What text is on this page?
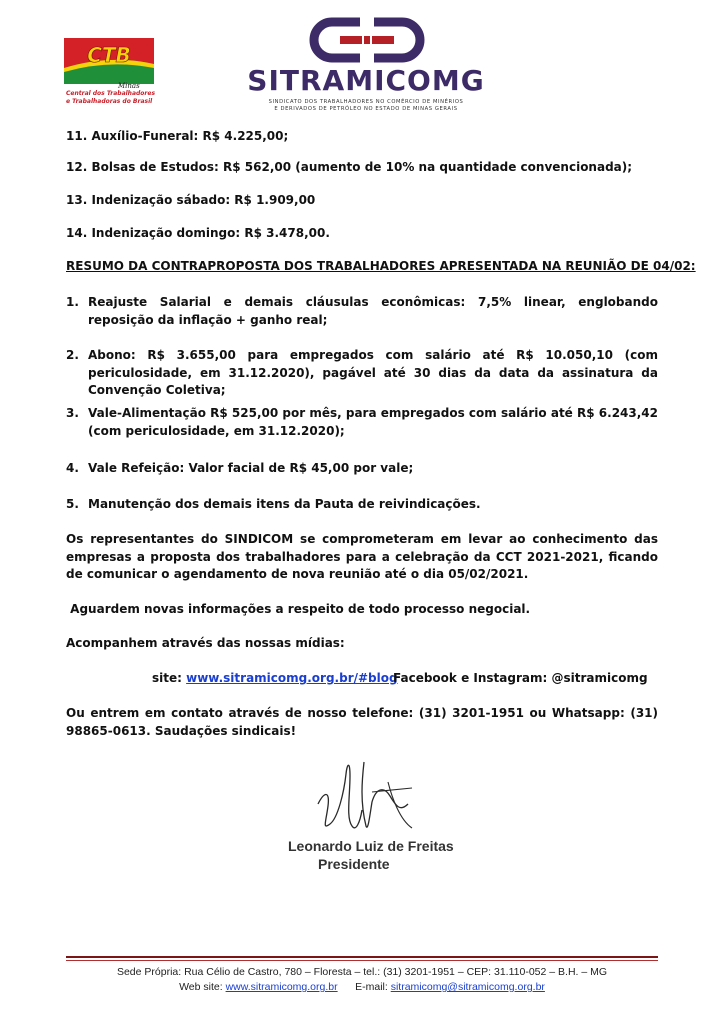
CTB
Minas
Central dos Trabalhadores
e Trabalhadoras do Brasil
SITRAMICOMG
SINDICATO DOS TRABALHADORES NO COMÉRCIO DE MINÉRIOS
E DERIVADOS DE PETRÓLEO NO ESTADO DE MINAS GERAIS
11. Auxílio-Funeral: R$ 4.225,00;
12. Bolsas de Estudos: R$ 562,00 (aumento de 10% na quantidade convencionada);
13. Indenização sábado: R$ 1.909,00
14. Indenização domingo: R$ 3.478,00.
RESUMO DA CONTRAPROPOSTA DOS TRABALHADORES APRESENTADA NA REUNIÃO DE 04/02:
1. Reajuste Salarial e demais cláusulas econômicas: 7,5% linear, englobando reposição da inflação + ganho real;
2. Abono: R$ 3.655,00 para empregados com salário até R$ 10.050,10 (com periculosidade, em 31.12.2020), pagável até 30 dias da data da assinatura da Convenção Coletiva;
3. Vale-Alimentação R$ 525,00 por mês, para empregados com salário até R$ 6.243,42 (com periculosidade, em 31.12.2020);
4. Vale Refeição: Valor facial de R$ 45,00 por vale;
5. Manutenção dos demais itens da Pauta de reivindicações.
Os representantes do SINDICOM se comprometeram em levar ao conhecimento das empresas a proposta dos trabalhadores para a celebração da CCT 2021-2021, ficando de comunicar o agendamento de nova reunião até o dia 05/02/2021.
Aguardem novas informações a respeito de todo processo negocial.
Acompanhem através das nossas mídias:
site: www.sitramicomg.org.br/#blog
Facebook e Instagram: @sitramicomg
Ou entrem em contato através de nosso telefone: (31) 3201-1951 ou Whatsapp: (31) 98865-0613. Saudações sindicais!
Leonardo Luiz de Freitas
Presidente
Sede Própria: Rua Célio de Castro, 780 – Floresta – tel.: (31) 3201-1951 – CEP: 31.110-052 – B.H. – MG
Web site: www.sitramicomg.org.br E-mail: sitramicomg@sitramicomg.org.br
